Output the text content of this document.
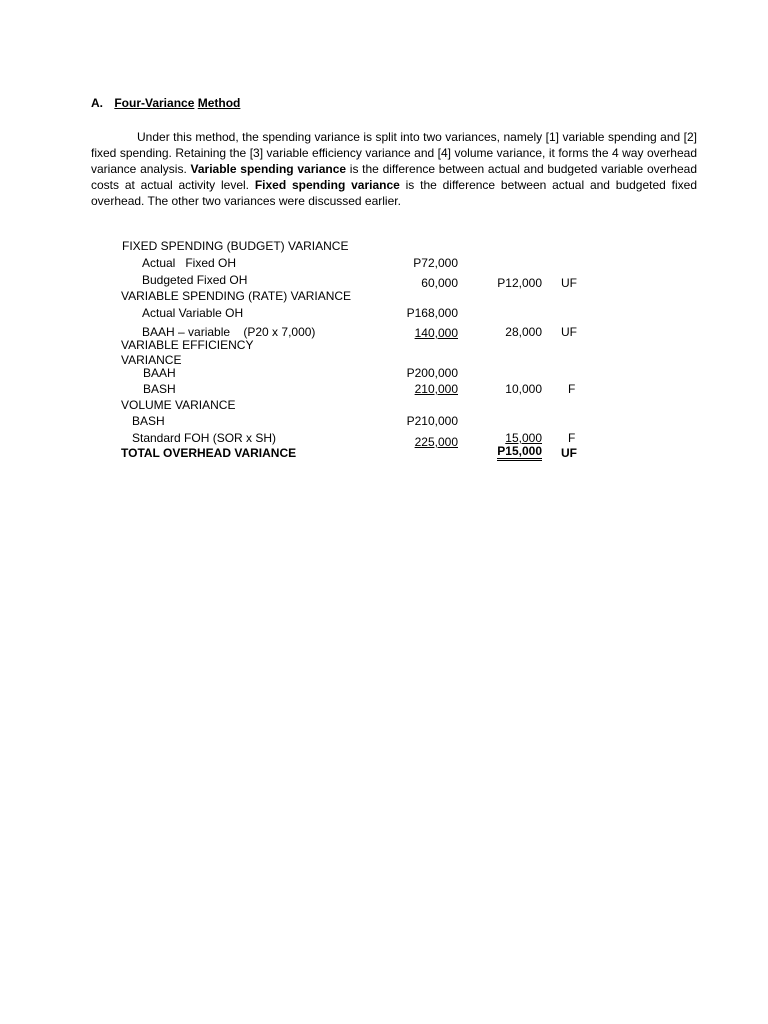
A. Four-Variance Method
Under this method, the spending variance is split into two variances, namely [1] variable spending and [2] fixed spending. Retaining the [3] variable efficiency variance and [4] volume variance, it forms the 4 way overhead variance analysis. Variable spending variance is the difference between actual and budgeted variable overhead costs at actual activity level. Fixed spending variance is the difference between actual and budgeted fixed overhead. The other two variances were discussed earlier.
FIXED SPENDING (BUDGET) VARIANCE
Actual   Fixed OH	P72,000
Budgeted Fixed OH	60,000	P12,000 UF
VARIABLE SPENDING (RATE) VARIANCE
Actual Variable OH	P168,000
BAAH – variable    (P20 x 7,000)	140,000	28,000 UF
VARIABLE EFFICIENCY
VARIANCE
BAAH	P200,000
BASH	210,000	10,000 F
VOLUME VARIANCE
BASH	P210,000
Standard FOH (SOR x SH)	225,000	15,000 F
TOTAL OVERHEAD VARIANCE	P15,000 UF
